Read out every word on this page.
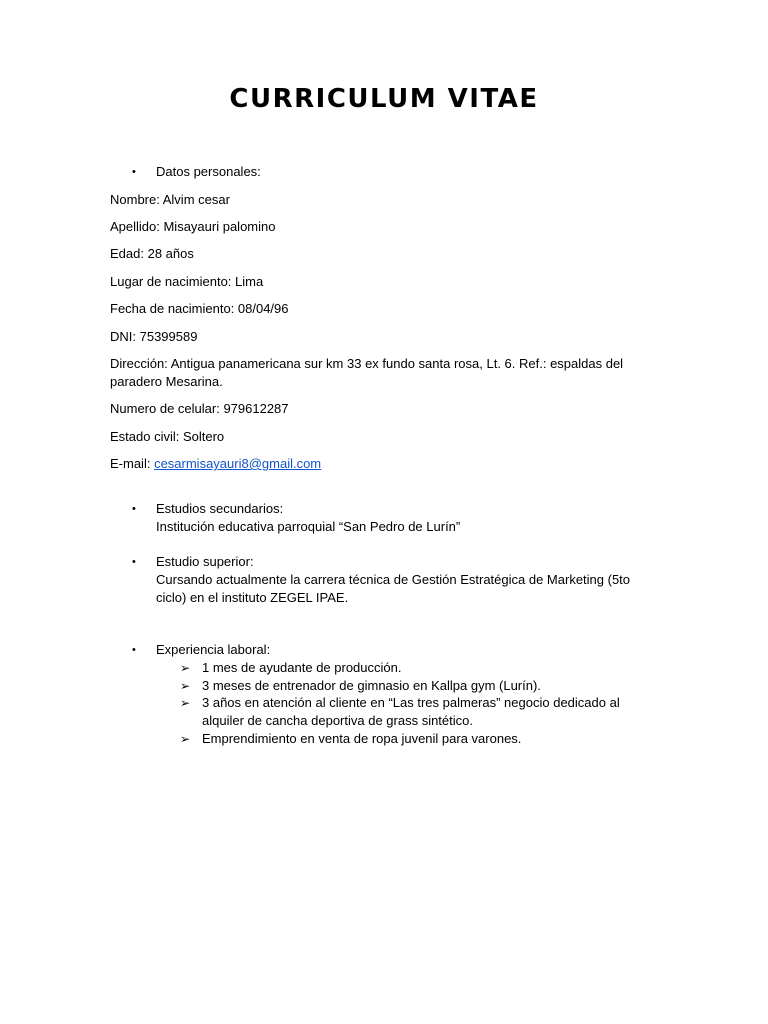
CURRICULUM VITAE
• Datos personales:
Nombre: Alvim cesar
Apellido: Misayauri palomino
Edad: 28 años
Lugar de nacimiento: Lima
Fecha de nacimiento: 08/04/96
DNI: 75399589
Dirección: Antigua panamericana sur km 33 ex fundo santa rosa, Lt. 6. Ref.: espaldas del paradero Mesarina.
Numero de celular: 979612287
Estado civil: Soltero
E-mail: cesarmisayauri8@gmail.com
• Estudios secundarios:
Institución educativa parroquial “San Pedro de Lurín”
• Estudio superior:
Cursando actualmente la carrera técnica de Gestión Estratégica de Marketing (5to ciclo) en el instituto ZEGEL IPAE.
• Experiencia laboral:
➢ 1 mes de ayudante de producción.
➢ 3 meses de entrenador de gimnasio en Kallpa gym (Lurín).
➢ 3 años en atención al cliente en “Las tres palmeras” negocio dedicado al alquiler de cancha deportiva de grass sintético.
➢ Emprendimiento en venta de ropa juvenil para varones.
